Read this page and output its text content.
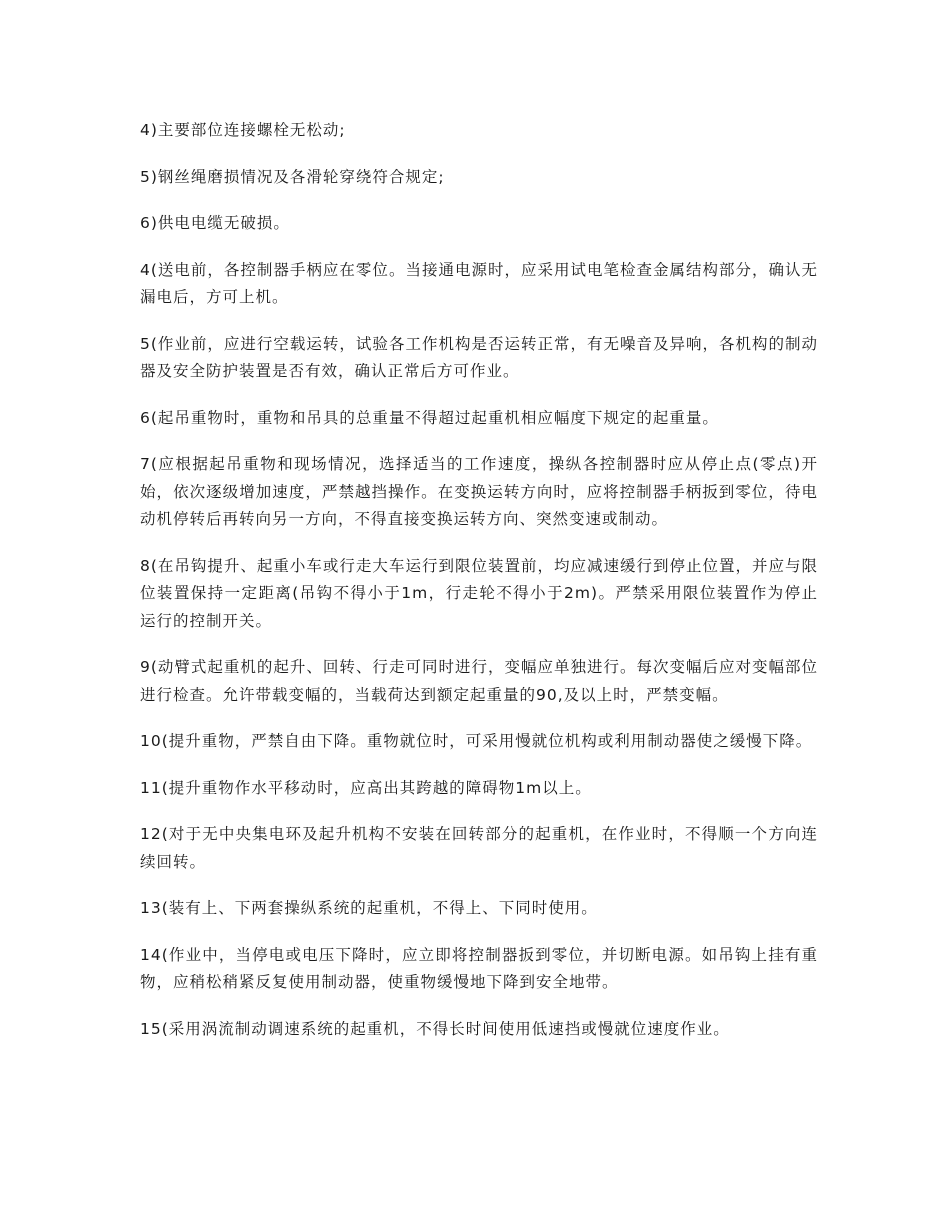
4)主要部位连接螺栓无松动;

5)钢丝绳磨损情况及各滑轮穿绕符合规定;

6)供电电缆无破损。

4(送电前，各控制器手柄应在零位。当接通电源时，应采用试电笔检查金属结构部分，确认无漏电后，方可上机。

5(作业前，应进行空载运转，试验各工作机构是否运转正常，有无噪音及异响，各机构的制动器及安全防护装置是否有效，确认正常后方可作业。

6(起吊重物时，重物和吊具的总重量不得超过起重机相应幅度下规定的起重量。

7(应根据起吊重物和现场情况，选择适当的工作速度，操纵各控制器时应从停止点(零点)开始，依次逐级增加速度，严禁越挡操作。在变换运转方向时，应将控制器手柄扳到零位，待电动机停转后再转向另一方向，不得直接变换运转方向、突然变速或制动。

8(在吊钩提升、起重小车或行走大车运行到限位装置前，均应减速缓行到停止位置，并应与限位装置保持一定距离(吊钩不得小于1m，行走轮不得小于2m)。严禁采用限位装置作为停止运行的控制开关。

9(动臂式起重机的起升、回转、行走可同时进行，变幅应单独进行。每次变幅后应对变幅部位进行检查。允许带载变幅的，当载荷达到额定起重量的90,及以上时，严禁变幅。

10(提升重物，严禁自由下降。重物就位时，可采用慢就位机构或利用制动器使之缓慢下降。

11(提升重物作水平移动时，应高出其跨越的障碍物1m以上。

12(对于无中央集电环及起升机构不安装在回转部分的起重机，在作业时，不得顺一个方向连续回转。

13(装有上、下两套操纵系统的起重机，不得上、下同时使用。

14(作业中，当停电或电压下降时，应立即将控制器扳到零位，并切断电源。如吊钩上挂有重物，应稍松稍紧反复使用制动器，使重物缓慢地下降到安全地带。

15(采用涡流制动调速系统的起重机，不得长时间使用低速挡或慢就位速度作业。
